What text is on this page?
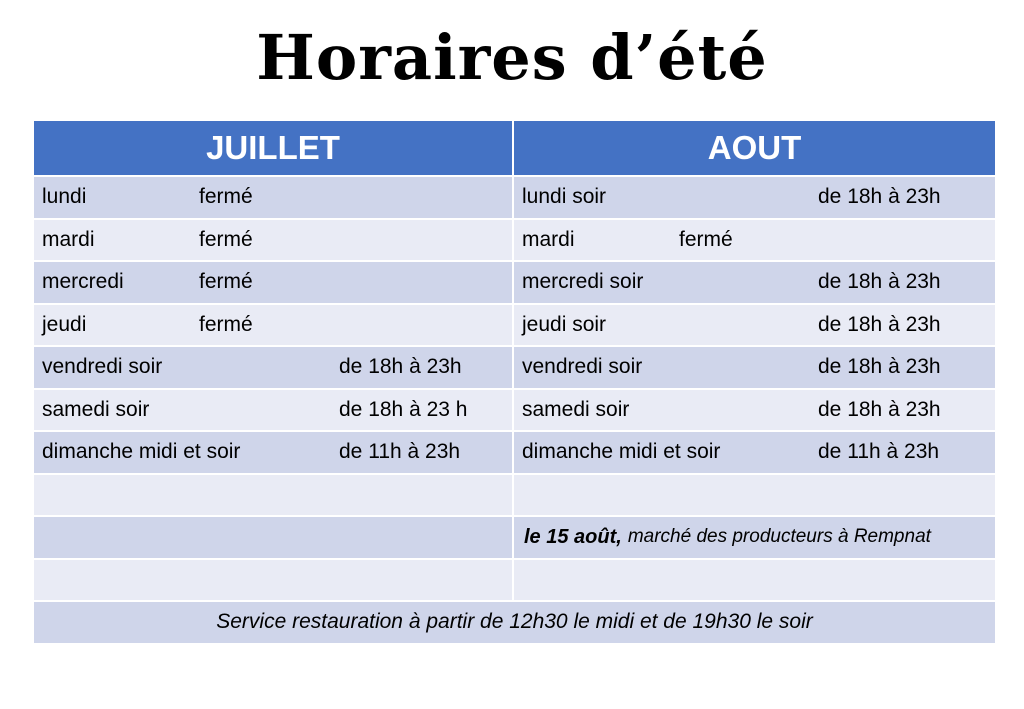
Horaires d’été
JUILLET	AOUT
lundi	fermé	lundi soir	de 18h à 23h
mardi	fermé	mardi	fermé
mercredi	fermé	mercredi soir	de 18h à 23h
jeudi	fermé	jeudi soir	de 18h à 23h
vendredi soir	de 18h à 23h	vendredi soir	de 18h à 23h
samedi soir	de 18h à 23 h	samedi soir	de 18h à 23h
dimanche midi et soir	de 11h à 23h	dimanche midi et soir	de 11h à 23h
le 15 août, marché des producteurs à Rempnat
Service restauration à partir de 12h30 le midi et de 19h30 le soir
